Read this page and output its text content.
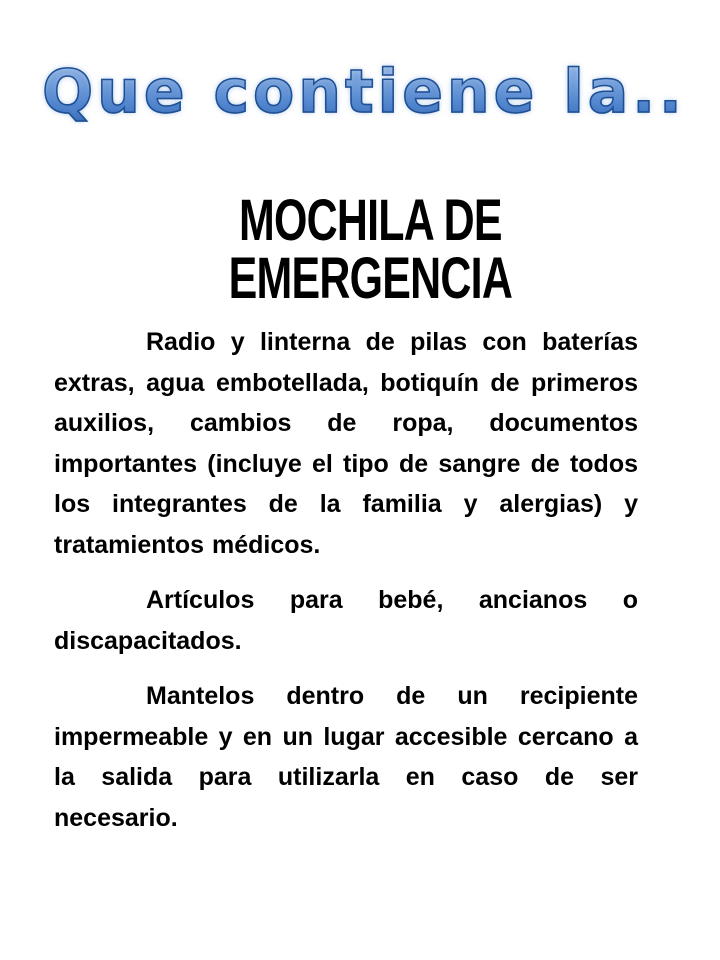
Que contiene la..
MOCHILA DE EMERGENCIA

Radio y linterna de pilas con baterías extras, agua embotellada, botiquín de primeros auxilios, cambios de ropa, documentos importantes (incluye el tipo de sangre de todos los integrantes de la familia y alergias) y tratamientos médicos.

Artículos para bebé, ancianos o discapacitados.

Mantelos dentro de un recipiente impermeable y en un lugar accesible cercano a la salida para utilizarla en caso de ser necesario.
